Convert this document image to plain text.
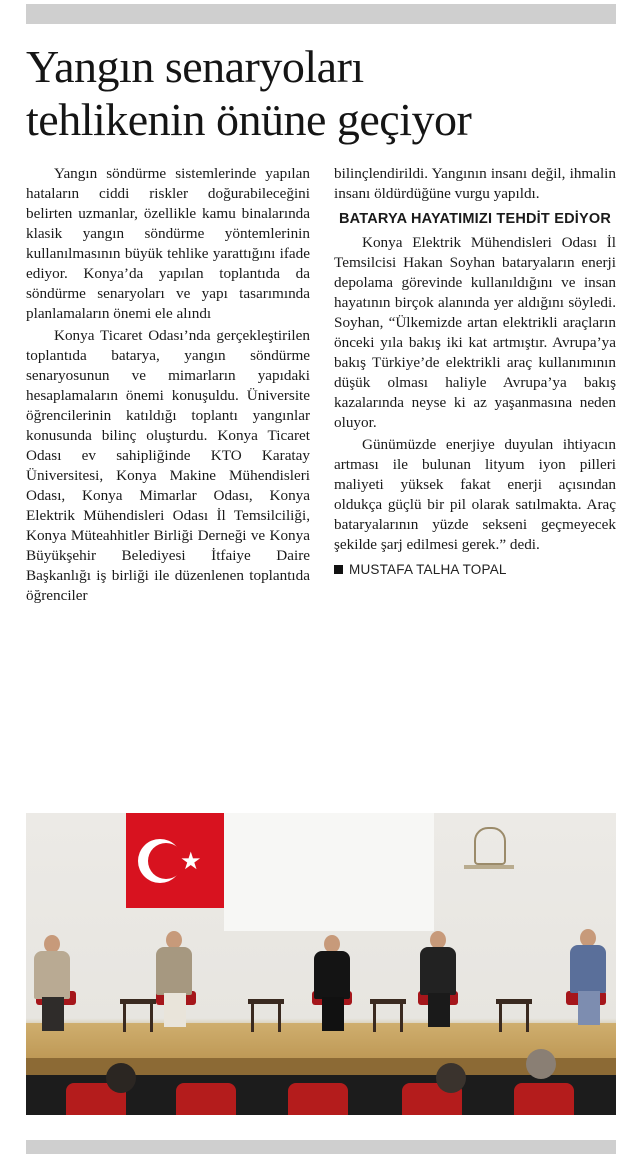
Yangın senaryoları
tehlikenin önüne geçiyor

Yangın söndürme sistemlerinde yapılan hataların ciddi riskler doğurabileceğini belirten uzmanlar, özellikle kamu binalarında klasik yangın söndürme yöntemlerinin kullanılmasının büyük tehlike yarattığını ifade ediyor. Konya’da yapılan toplantıda da söndürme senaryoları ve yapı tasarımında planlamaların önemi ele alındı

Konya Ticaret Odası’nda gerçekleştirilen toplantıda batarya, yangın söndürme senaryosunun ve mimarların yapıdaki hesaplamaların önemi konuşuldu. Üniversite öğrencilerinin katıldığı toplantı yangınlar konusunda bilinç oluşturdu. Konya Ticaret Odası ev sahipliğinde KTO Karatay Üniversitesi, Konya Makine Mühendisleri Odası, Konya Mimarlar Odası, Konya Elektrik Mühendisleri Odası İl Temsilciliği, Konya Müteahhitler Birliği Derneği ve Konya Büyükşehir Belediyesi İtfaiye Daire Başkanlığı iş birliği ile düzenlenen toplantıda öğrenciler

bilinçlendirildi. Yangının insanı değil, ihmalin insanı öldürdüğüne vurgu yapıldı.

BATARYA HAYATIMIZI TEHDİT EDİYOR

Konya Elektrik Mühendisleri Odası İl Temsilcisi Hakan Soyhan bataryaların enerji depolama görevinde kullanıldığını ve insan hayatının birçok alanında yer aldığını söyledi. Soyhan, “Ülkemizde artan elektrikli araçların önceki yıla bakış iki kat artmıştır. Avrupa’ya bakış Türkiye’de elektrikli araç kullanımının düşük olması haliyle Avrupa’ya bakış kazalarında neyse ki az yaşanmasına neden oluyor.

Günümüzde enerjiye duyulan ihtiyacın artması ile bulunan lityum iyon pilleri maliyeti yüksek fakat enerji açısından oldukça güçlü bir pil olarak satılmakta. Araç bataryalarının yüzde sekseni geçmeyecek şekilde şarj edilmesi gerek.” dedi.

MUSTAFA TALHA TOPAL
★
